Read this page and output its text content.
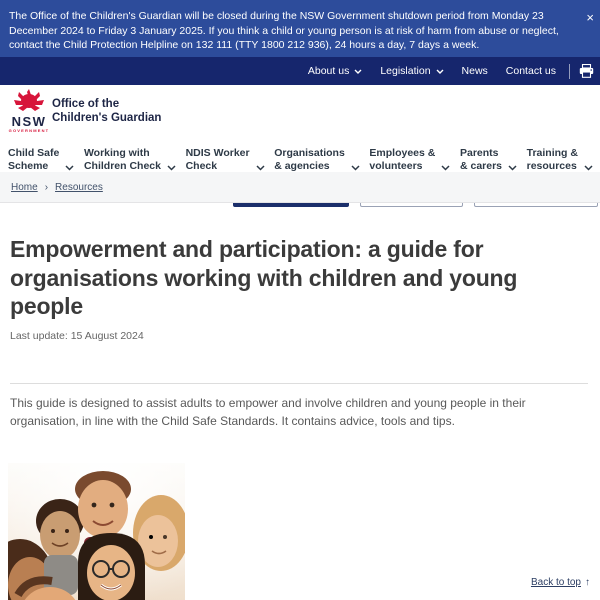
The Office of the Children's Guardian will be closed during the NSW Government shutdown period from Monday 23 December 2024 to Friday 3 January 2025. If you think a child or young person is at risk of harm from abuse or neglect, contact the Child Protection Helpline on 132 111 (TTY 1800 212 936), 24 hours a day, 7 days a week.
×
About us	Legislation	News Contact us
NSW
GOVERNMENT
Office of the
Children's Guardian
Child Safe
Scheme
Working with
Children Check
NDIS Worker
Check
Organisations
& agencies
Employees &
volunteers
Parents
& carers
Training &
resources
Home › Resources
Empowerment and participation: a guide for organisations working with children and young people
Last update: 15 August 2024

This guide is designed to assist adults to empower and involve children and young people in their organisation, in line with the Child Safe Standards. It contains advice, tools and tips.

Back to top ↑
